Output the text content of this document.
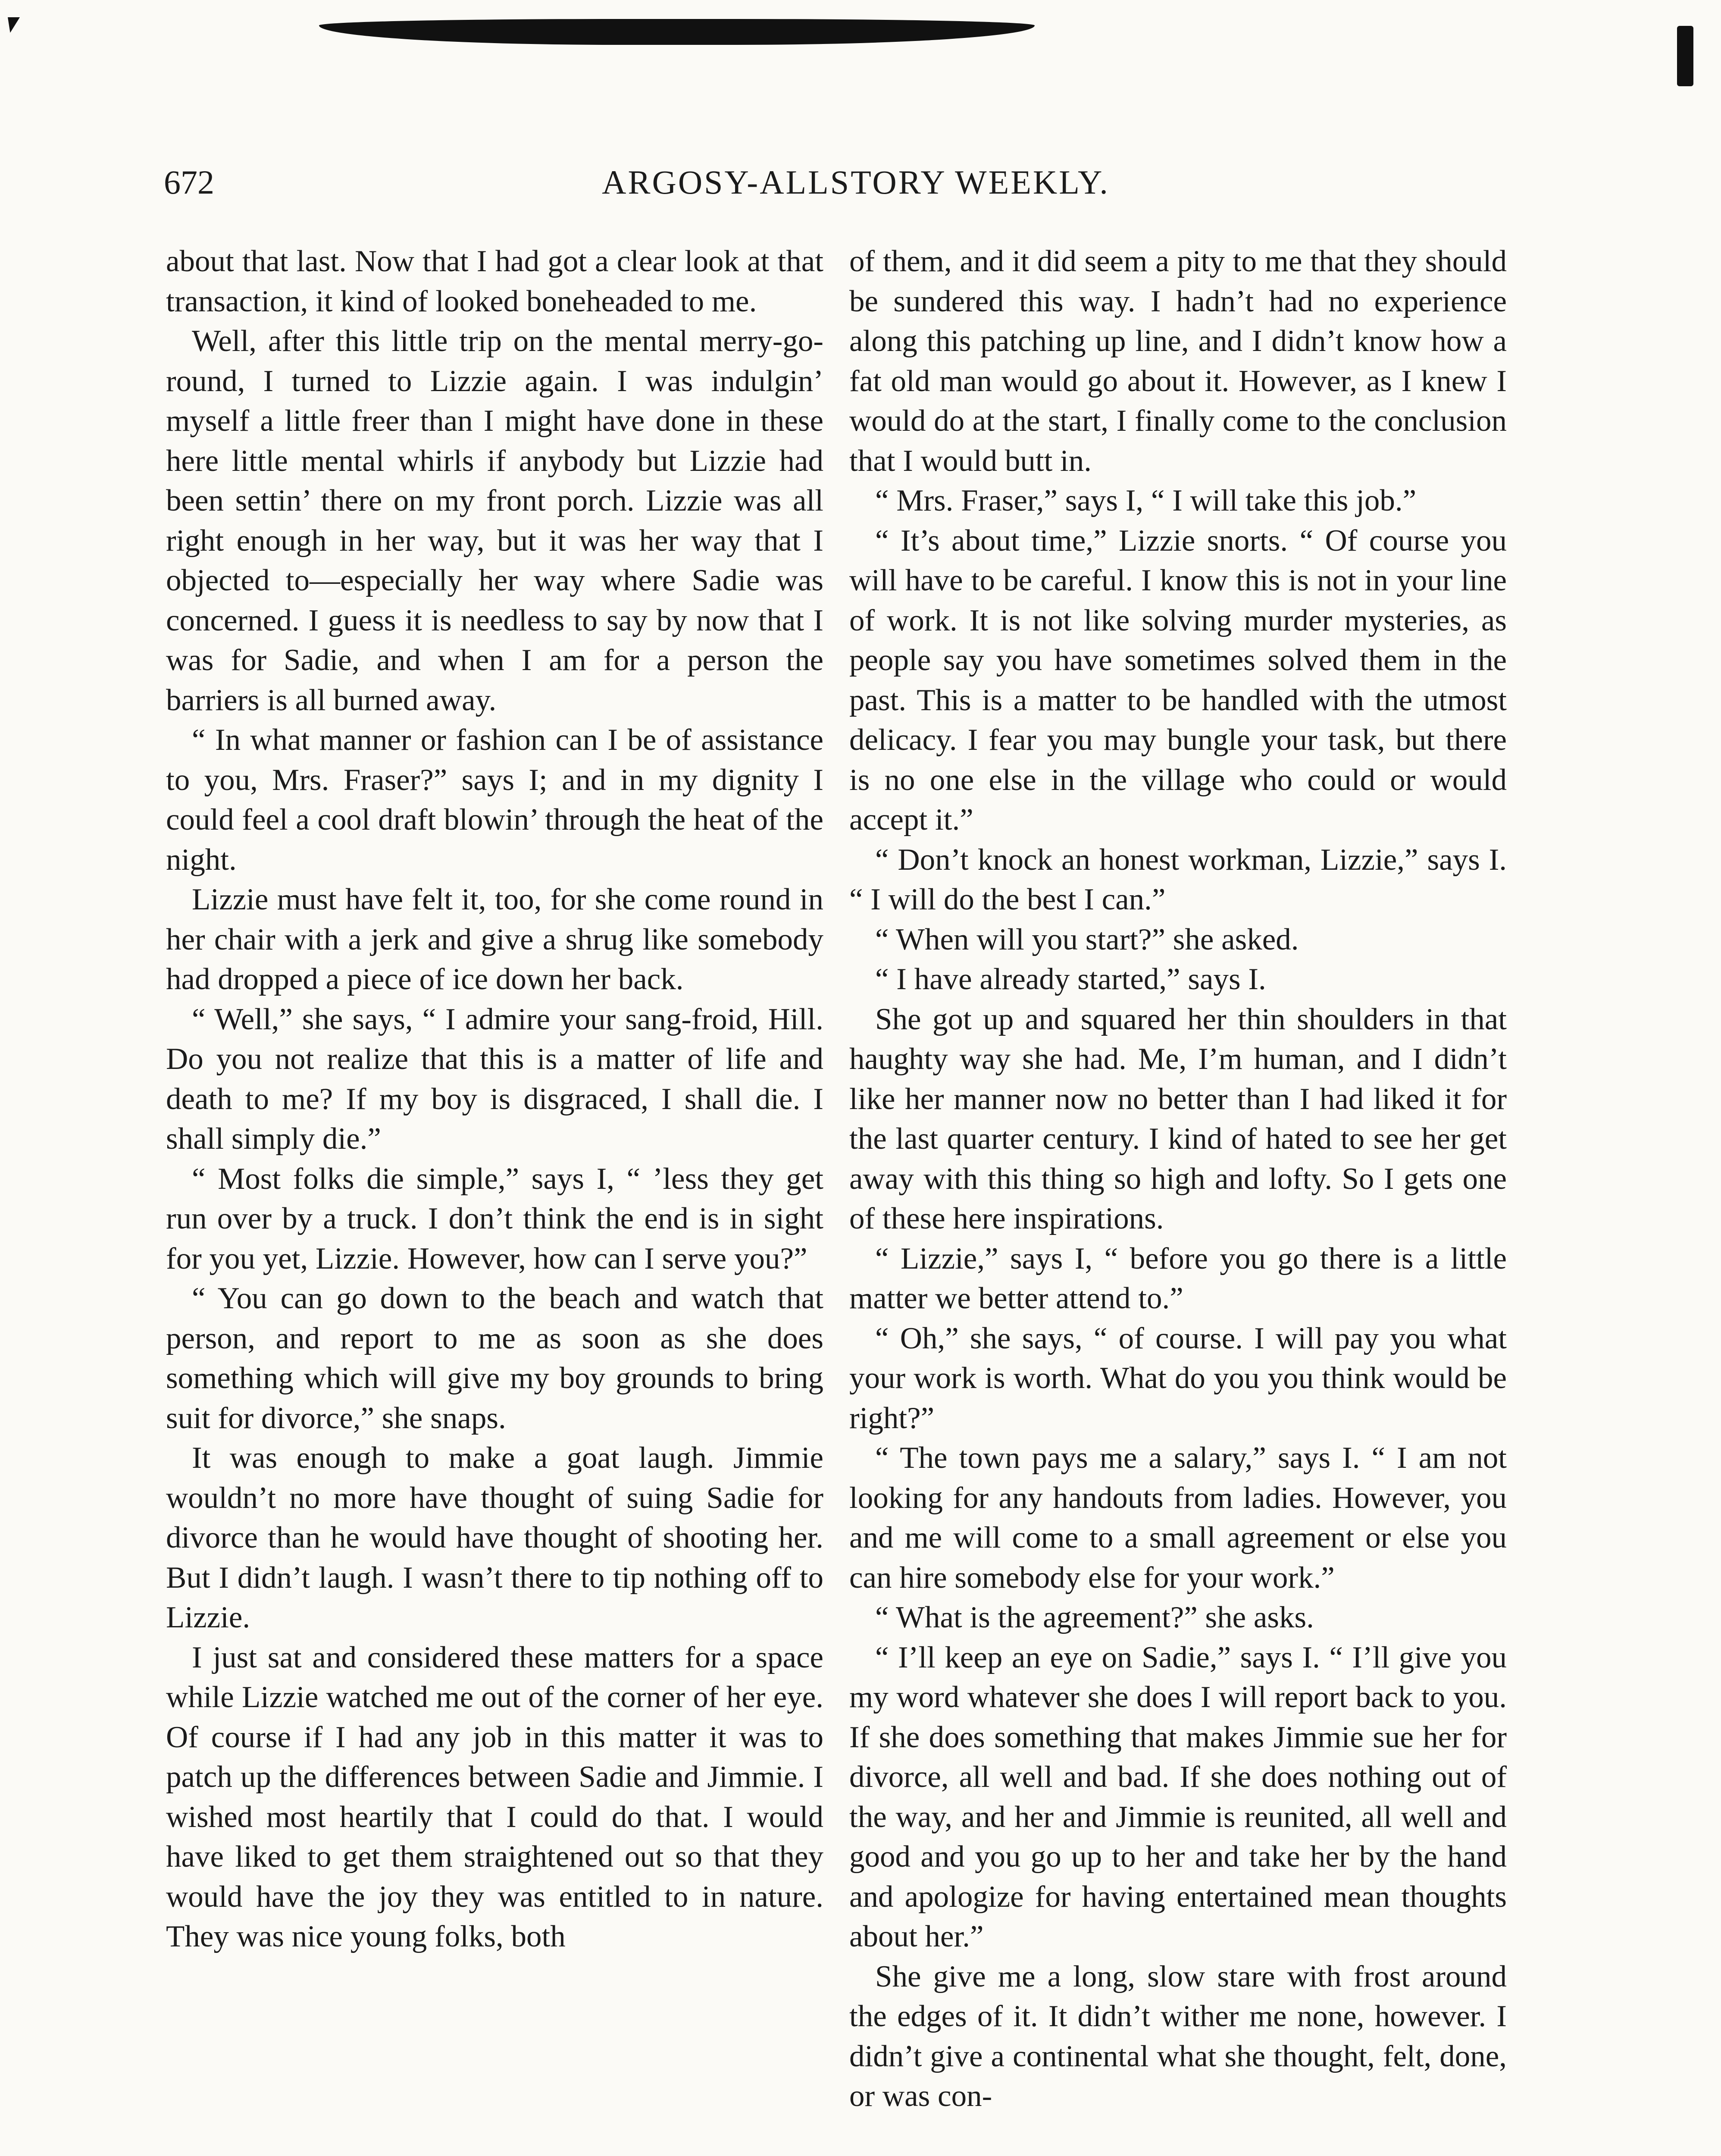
672	ARGOSY-ALLSTORY WEEKLY.

about that last. Now that I had got a clear look at that transaction, it kind of looked boneheaded to me.

Well, after this little trip on the mental merry-go-round, I turned to Lizzie again. I was indulgin’ myself a little freer than I might have done in these here little mental whirls if anybody but Lizzie had been settin’ there on my front porch. Lizzie was all right enough in her way, but it was her way that I objected to—especially her way where Sadie was concerned. I guess it is needless to say by now that I was for Sadie, and when I am for a person the barriers is all burned away.

“ In what manner or fashion can I be of assistance to you, Mrs. Fraser?” says I; and in my dignity I could feel a cool draft blowin’ through the heat of the night.

Lizzie must have felt it, too, for she come round in her chair with a jerk and give a shrug like somebody had dropped a piece of ice down her back.

“ Well,” she says, “ I admire your sang-froid, Hill. Do you not realize that this is a matter of life and death to me? If my boy is disgraced, I shall die. I shall simply die.”

“ Most folks die simple,” says I, “ ’less they get run over by a truck. I don’t think the end is in sight for you yet, Lizzie. However, how can I serve you?”

“ You can go down to the beach and watch that person, and report to me as soon as she does something which will give my boy grounds to bring suit for divorce,” she snaps.

It was enough to make a goat laugh. Jimmie wouldn’t no more have thought of suing Sadie for divorce than he would have thought of shooting her. But I didn’t laugh. I wasn’t there to tip nothing off to Lizzie.

I just sat and considered these matters for a space while Lizzie watched me out of the corner of her eye. Of course if I had any job in this matter it was to patch up the differences between Sadie and Jimmie. I wished most heartily that I could do that. I would have liked to get them straightened out so that they would have the joy they was entitled to in nature. They was nice young folks, both

of them, and it did seem a pity to me that they should be sundered this way. I hadn’t had no experience along this patching up line, and I didn’t know how a fat old man would go about it. However, as I knew I would do at the start, I finally come to the conclusion that I would butt in.

“ Mrs. Fraser,” says I, “ I will take this job.”

“ It’s about time,” Lizzie snorts. “ Of course you will have to be careful. I know this is not in your line of work. It is not like solving murder mysteries, as people say you have sometimes solved them in the past. This is a matter to be handled with the utmost delicacy. I fear you may bungle your task, but there is no one else in the village who could or would accept it.”

“ Don’t knock an honest workman, Lizzie,” says I. “ I will do the best I can.”

“ When will you start?” she asked.

“ I have already started,” says I.

She got up and squared her thin shoulders in that haughty way she had. Me, I’m human, and I didn’t like her manner now no better than I had liked it for the last quarter century. I kind of hated to see her get away with this thing so high and lofty. So I gets one of these here inspirations.

“ Lizzie,” says I, “ before you go there is a little matter we better attend to.”

“ Oh,” she says, “ of course. I will pay you what your work is worth. What do you you think would be right?”

“ The town pays me a salary,” says I. “ I am not looking for any handouts from ladies. However, you and me will come to a small agreement or else you can hire somebody else for your work.”

“ What is the agreement?” she asks.

“ I’ll keep an eye on Sadie,” says I. “ I’ll give you my word whatever she does I will report back to you. If she does something that makes Jimmie sue her for divorce, all well and bad. If she does nothing out of the way, and her and Jimmie is reunited, all well and good and you go up to her and take her by the hand and apologize for having entertained mean thoughts about her.”

She give me a long, slow stare with frost around the edges of it. It didn’t wither me none, however. I didn’t give a continental what she thought, felt, done, or was con-
